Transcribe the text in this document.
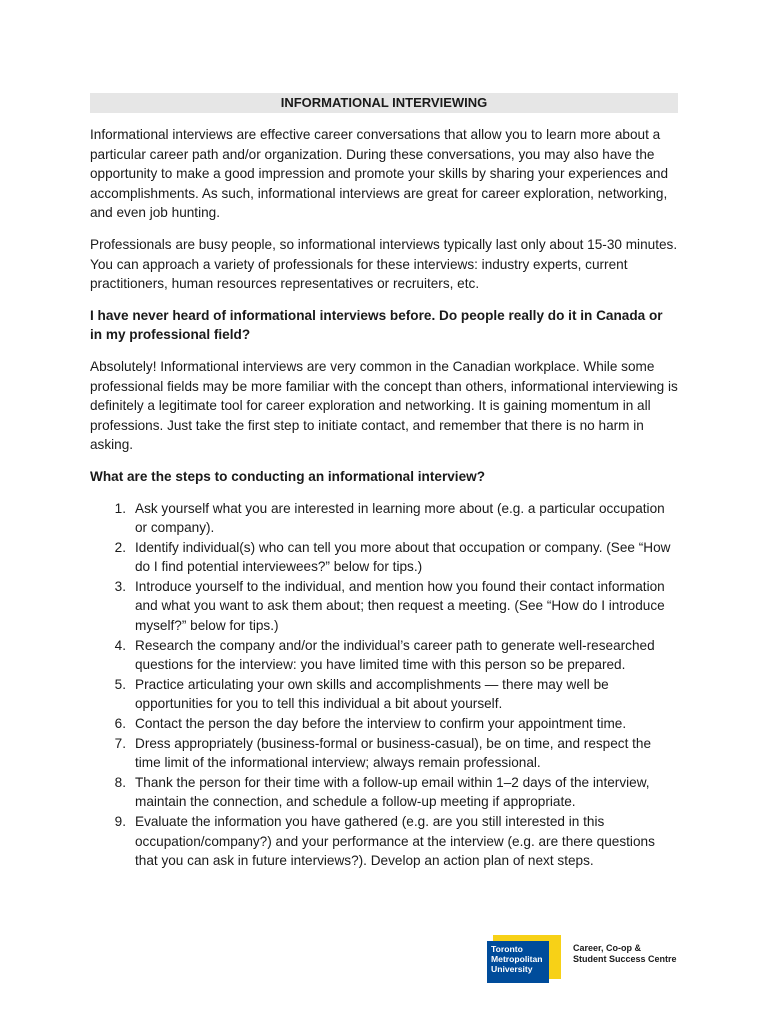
INFORMATIONAL INTERVIEWING

Informational interviews are effective career conversations that allow you to learn more about a particular career path and/or organization. During these conversations, you may also have the opportunity to make a good impression and promote your skills by sharing your experiences and accomplishments. As such, informational interviews are great for career exploration, networking, and even job hunting.

Professionals are busy people, so informational interviews typically last only about 15-30 minutes. You can approach a variety of professionals for these interviews: industry experts, current practitioners, human resources representatives or recruiters, etc.

I have never heard of informational interviews before. Do people really do it in Canada or in my professional field?

Absolutely! Informational interviews are very common in the Canadian workplace. While some professional fields may be more familiar with the concept than others, informational interviewing is definitely a legitimate tool for career exploration and networking. It is gaining momentum in all professions. Just take the first step to initiate contact, and remember that there is no harm in asking.

What are the steps to conducting an informational interview?

1. Ask yourself what you are interested in learning more about (e.g. a particular occupation or company).
2. Identify individual(s) who can tell you more about that occupation or company. (See “How do I find potential interviewees?” below for tips.)
3. Introduce yourself to the individual, and mention how you found their contact information and what you want to ask them about; then request a meeting. (See “How do I introduce myself?” below for tips.)
4. Research the company and/or the individual’s career path to generate well-researched questions for the interview: you have limited time with this person so be prepared.
5. Practice articulating your own skills and accomplishments — there may well be opportunities for you to tell this individual a bit about yourself.
6. Contact the person the day before the interview to confirm your appointment time.
7. Dress appropriately (business-formal or business-casual), be on time, and respect the time limit of the informational interview; always remain professional.
8. Thank the person for their time with a follow-up email within 1–2 days of the interview, maintain the connection, and schedule a follow-up meeting if appropriate.
9. Evaluate the information you have gathered (e.g. are you still interested in this occupation/company?) and your performance at the interview (e.g. are there questions that you can ask in future interviews?). Develop an action plan of next steps.
Toronto
Metropolitan
University
Career, Co-op &
Student Success Centre
